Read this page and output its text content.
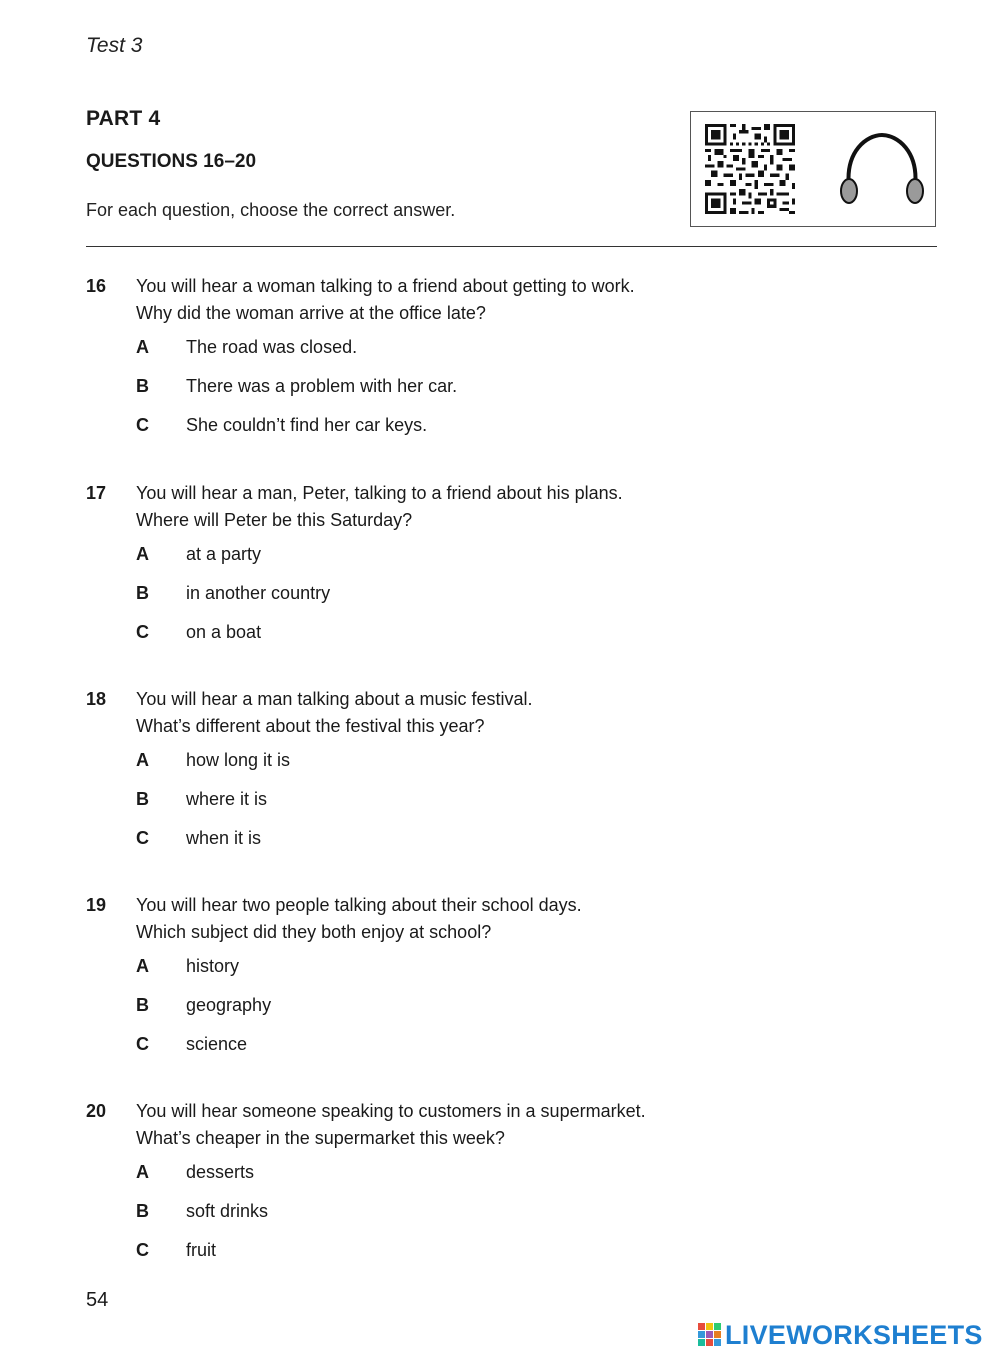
Test 3
PART 4
QUESTIONS 16–20
For each question, choose the correct answer.
16 You will hear a woman talking to a friend about getting to work.
Why did the woman arrive at the office late?
A The road was closed.
B There was a problem with her car.
C She couldn’t find her car keys.
17 You will hear a man, Peter, talking to a friend about his plans.
Where will Peter be this Saturday?
A at a party
B in another country
C on a boat
18 You will hear a man talking about a music festival.
What’s different about the festival this year?
A how long it is
B where it is
C when it is
19 You will hear two people talking about their school days.
Which subject did they both enjoy at school?
A history
B geography
C science
20 You will hear someone speaking to customers in a supermarket.
What’s cheaper in the supermarket this week?
A desserts
B soft drinks
C fruit
54
LIVEWORKSHEETS
